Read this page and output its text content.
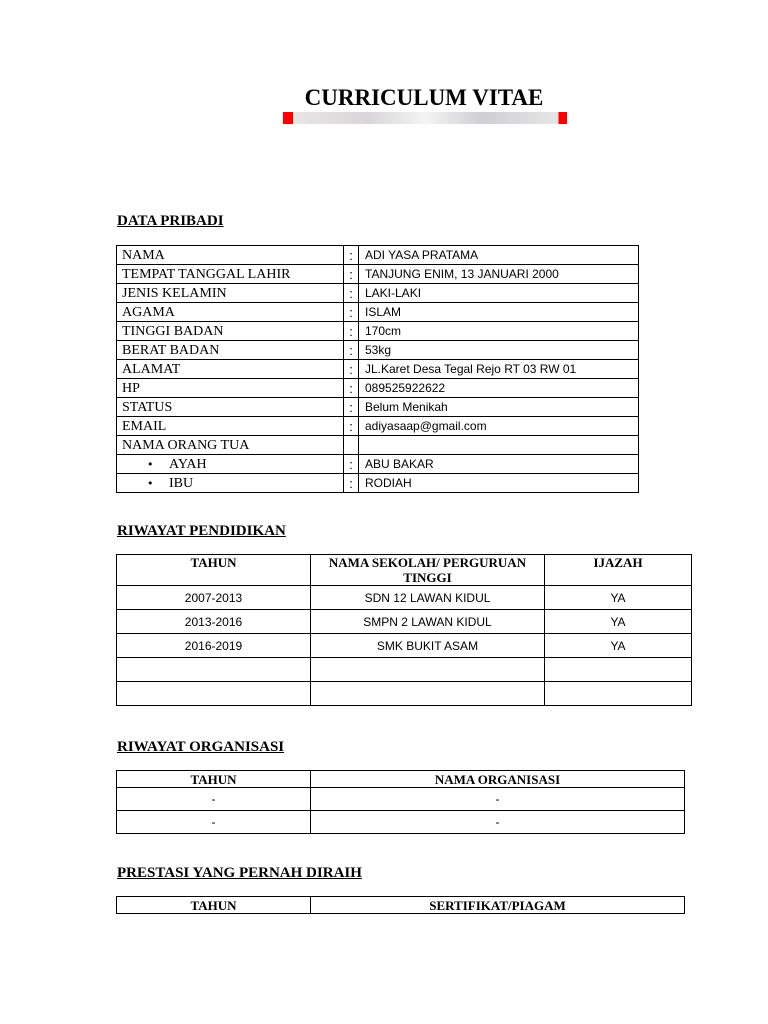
CURRICULUM VITAE
DATA PRIBADI
NAMA	:	ADI YASA PRATAMA
TEMPAT TANGGAL LAHIR	:	TANJUNG ENIM, 13 JANUARI 2000
JENIS KELAMIN	:	LAKI-LAKI
AGAMA	:	ISLAM
TINGGI BADAN	:	170cm
BERAT BADAN	:	53kg
ALAMAT	:	JL.Karet Desa Tegal Rejo RT 03 RW 01
HP	:	089525922622
STATUS	:	Belum Menikah
EMAIL	:	adiyasaap@gmail.com
NAMA ORANG TUA		
• AYAH	:	ABU BAKAR
• IBU	:	RODIAH
RIWAYAT PENDIDIKAN
TAHUN	NAMA SEKOLAH/ PERGURUAN TINGGI	IJAZAH
2007-2013	SDN 12 LAWAN KIDUL	YA
2013-2016	SMPN 2 LAWAN KIDUL	YA
2016-2019	SMK BUKIT ASAM	YA

RIWAYAT ORGANISASI
TAHUN	NAMA ORGANISASI
-	-
-	-
PRESTASI YANG PERNAH DIRAIH
TAHUN	SERTIFIKAT/PIAGAM
